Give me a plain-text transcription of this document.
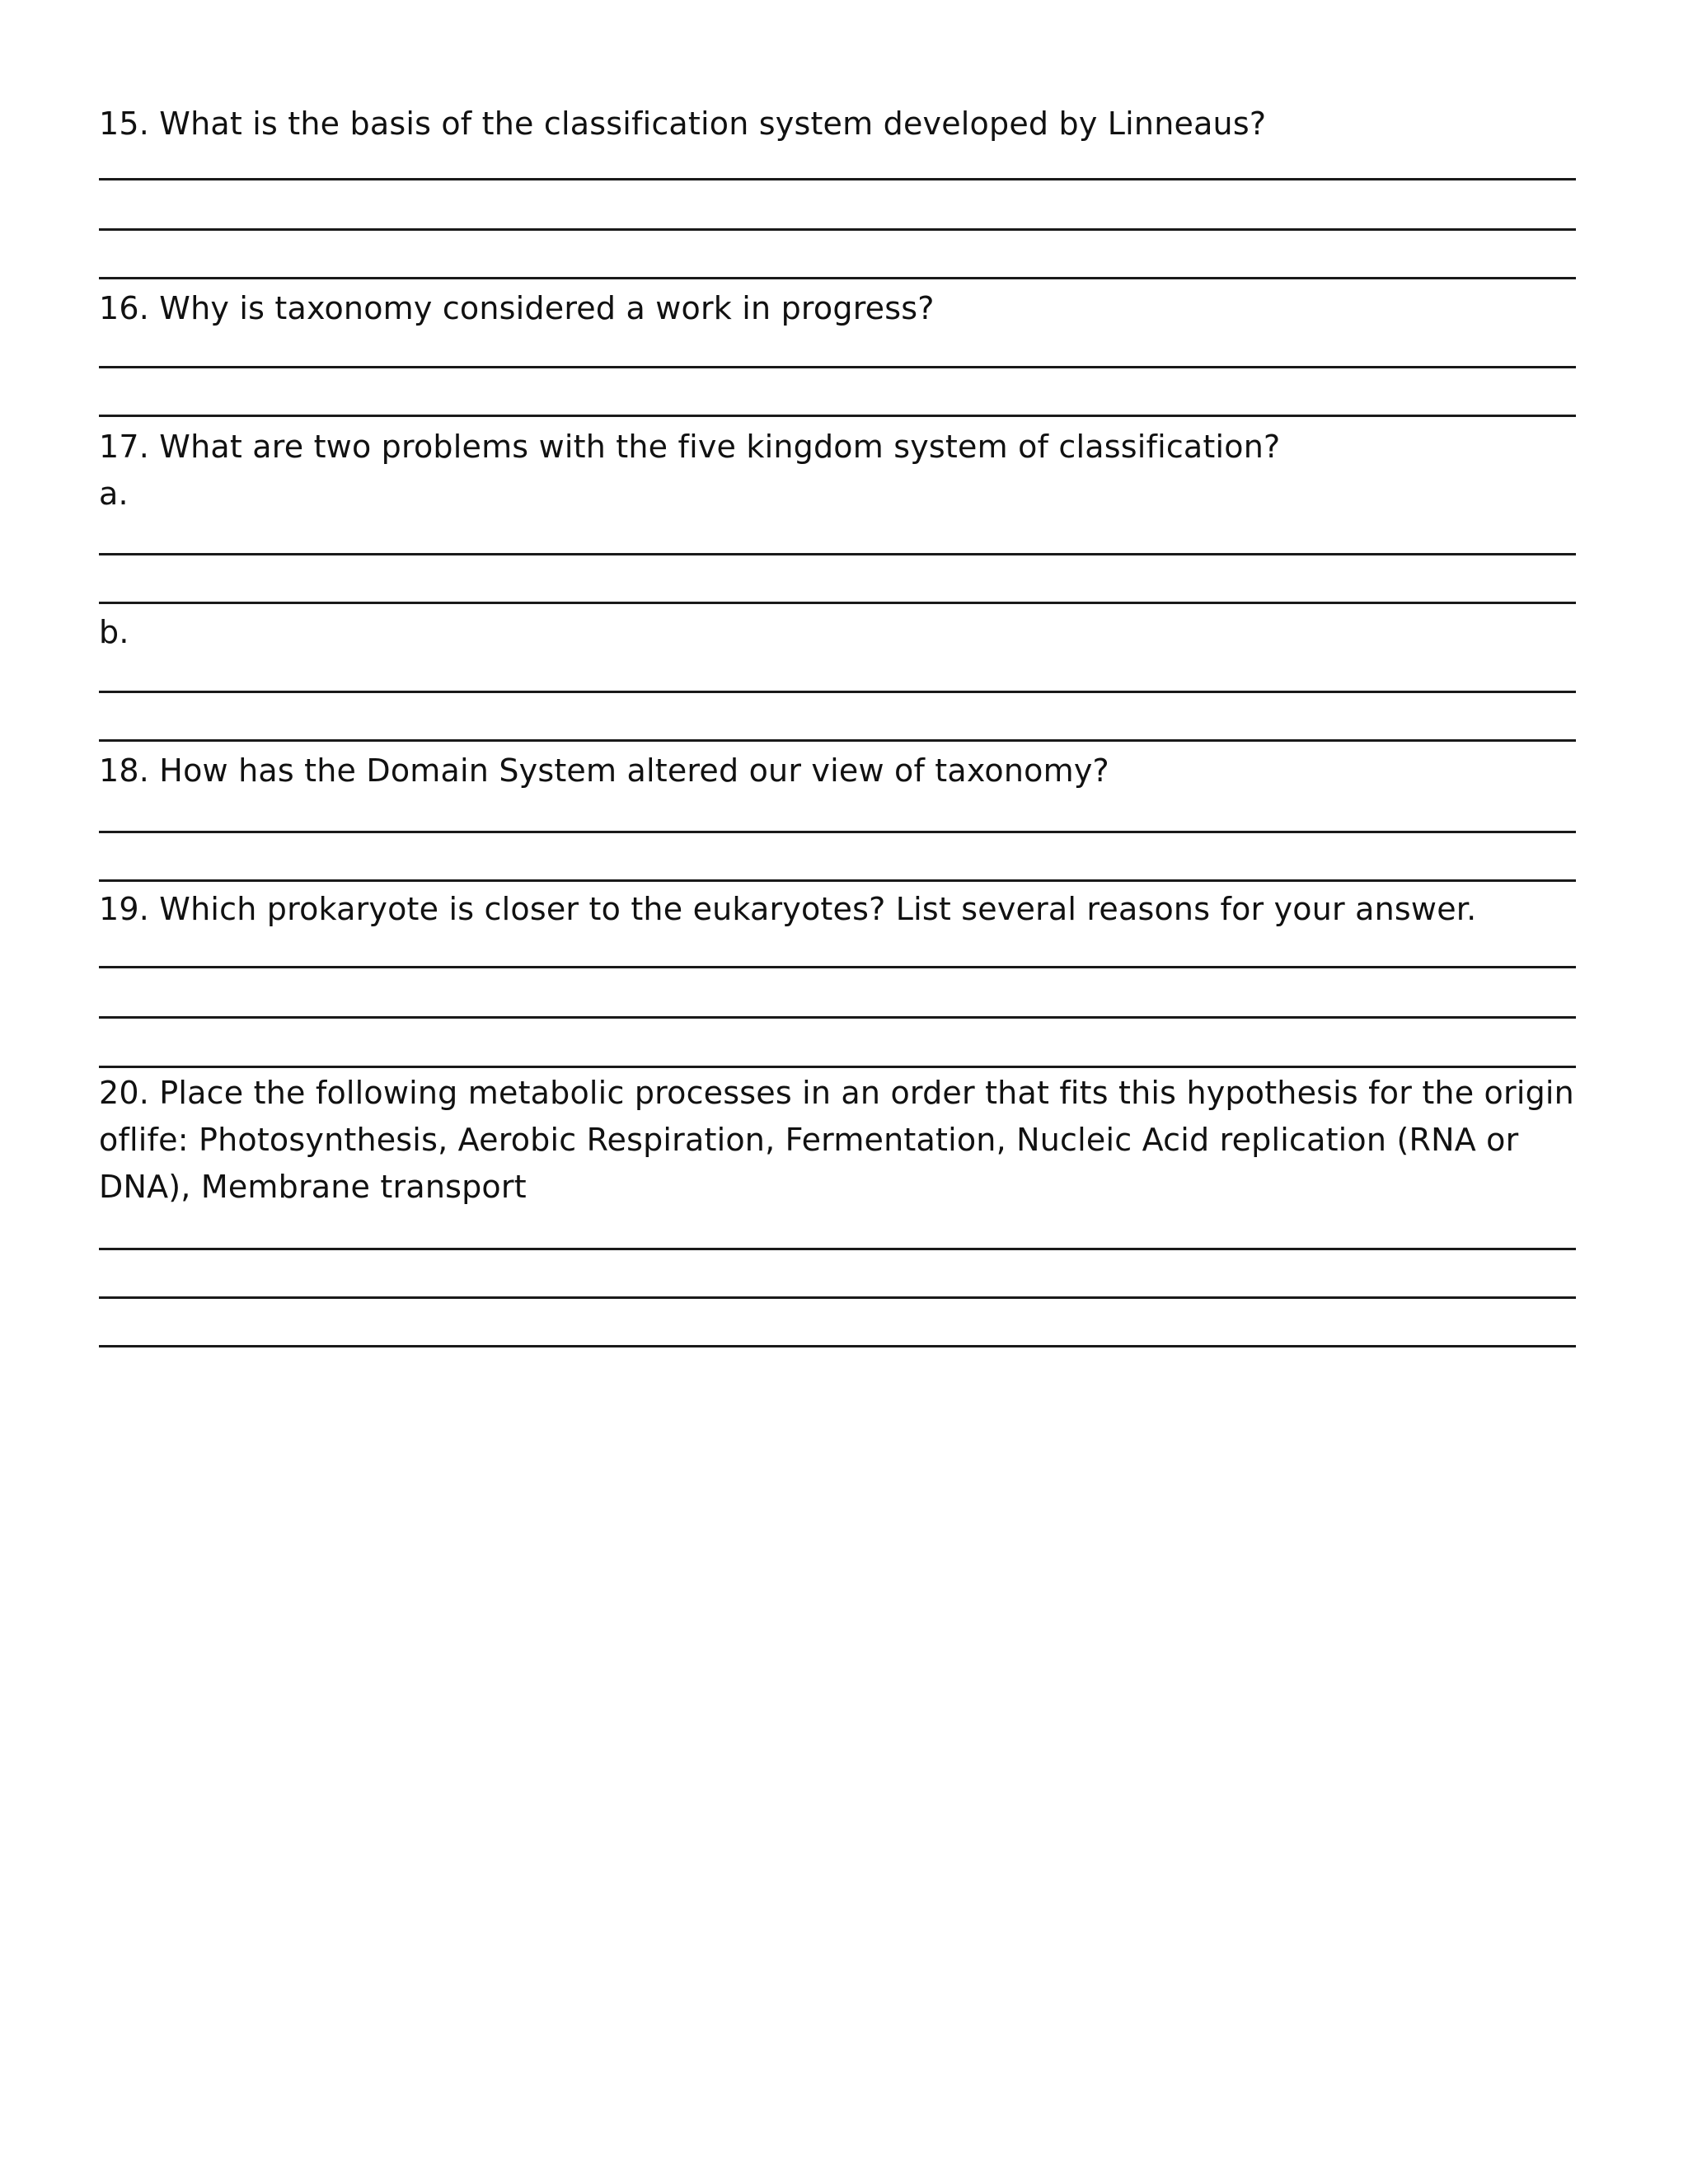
15. What is the basis of the classification system developed by Linneaus?
16. Why is taxonomy considered a work in progress?
17. What are two problems with the five kingdom system of classification?
a.
b.
18. How has the Domain System altered our view of taxonomy?
19. Which prokaryote is closer to the eukaryotes? List several reasons for your answer.
20. Place the following metabolic processes in an order that fits this hypothesis for the origin
oflife: Photosynthesis, Aerobic Respiration, Fermentation, Nucleic Acid replication (RNA or
DNA), Membrane transport
